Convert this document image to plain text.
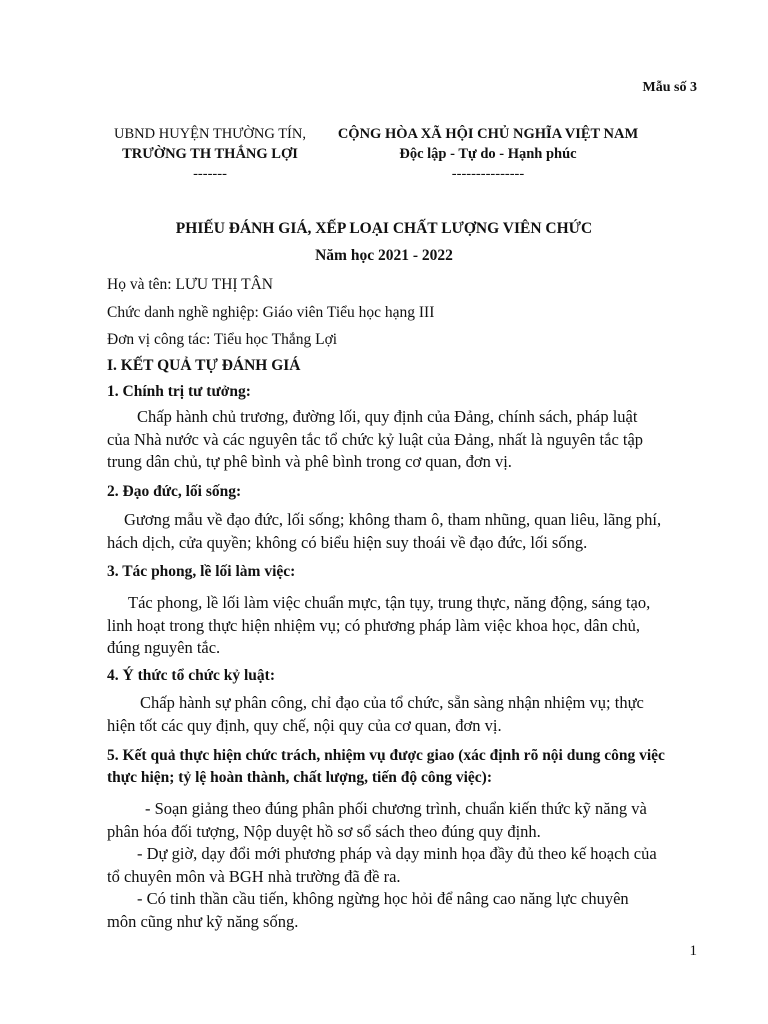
Mẫu số 3
UBND HUYỆN THƯỜNG TÍN,
TRƯỜNG TH THẮNG LỢI
-------
CỘNG HÒA XÃ HỘI CHỦ NGHĨA VIỆT NAM
Độc lập - Tự do - Hạnh phúc
---------------
PHIẾU ĐÁNH GIÁ, XẾP LOẠI CHẤT LƯỢNG VIÊN CHỨC
Năm học 2021 - 2022
Họ và tên: LƯU THỊ TÂN
Chức danh nghề nghiệp: Giáo viên Tiểu học hạng III
Đơn vị công tác: Tiểu học Thắng Lợi
I. KẾT QUẢ TỰ ĐÁNH GIÁ
1. Chính trị tư tưởng:
Chấp hành chủ trương, đường lối, quy định của Đảng, chính sách, pháp luật
của Nhà nước và các nguyên tắc tổ chức kỷ luật của Đảng, nhất là nguyên tắc tập
trung dân chủ, tự phê bình và phê bình trong cơ quan, đơn vị.
2. Đạo đức, lối sống:
Gương mẫu về đạo đức, lối sống; không tham ô, tham nhũng, quan liêu, lãng phí,
hách dịch, cửa quyền; không có biểu hiện suy thoái về đạo đức, lối sống.
3. Tác phong, lề lối làm việc:
Tác phong, lề lối làm việc chuẩn mực, tận tụy, trung thực, năng động, sáng tạo,
linh hoạt trong thực hiện nhiệm vụ; có phương pháp làm việc khoa học, dân chủ,
đúng nguyên tắc.
4. Ý thức tổ chức kỷ luật:
Chấp hành sự phân công, chỉ đạo của tổ chức, sẵn sàng nhận nhiệm vụ; thực
hiện tốt các quy định, quy chế, nội quy của cơ quan, đơn vị.
5. Kết quả thực hiện chức trách, nhiệm vụ được giao (xác định rõ nội dung công việc
thực hiện; tỷ lệ hoàn thành, chất lượng, tiến độ công việc):
- Soạn giảng theo đúng phân phối chương trình, chuẩn kiến thức kỹ năng và
phân hóa đối tượng, Nộp duyệt hồ sơ sổ sách theo đúng quy định.
- Dự giờ, dạy đổi mới phương pháp và dạy minh họa đầy đủ theo kế hoạch của
tổ chuyên môn và BGH nhà trường đã đề ra.
- Có tinh thần cầu tiến, không ngừng học hỏi để nâng cao năng lực chuyên
môn cũng như kỹ năng sống.
1
